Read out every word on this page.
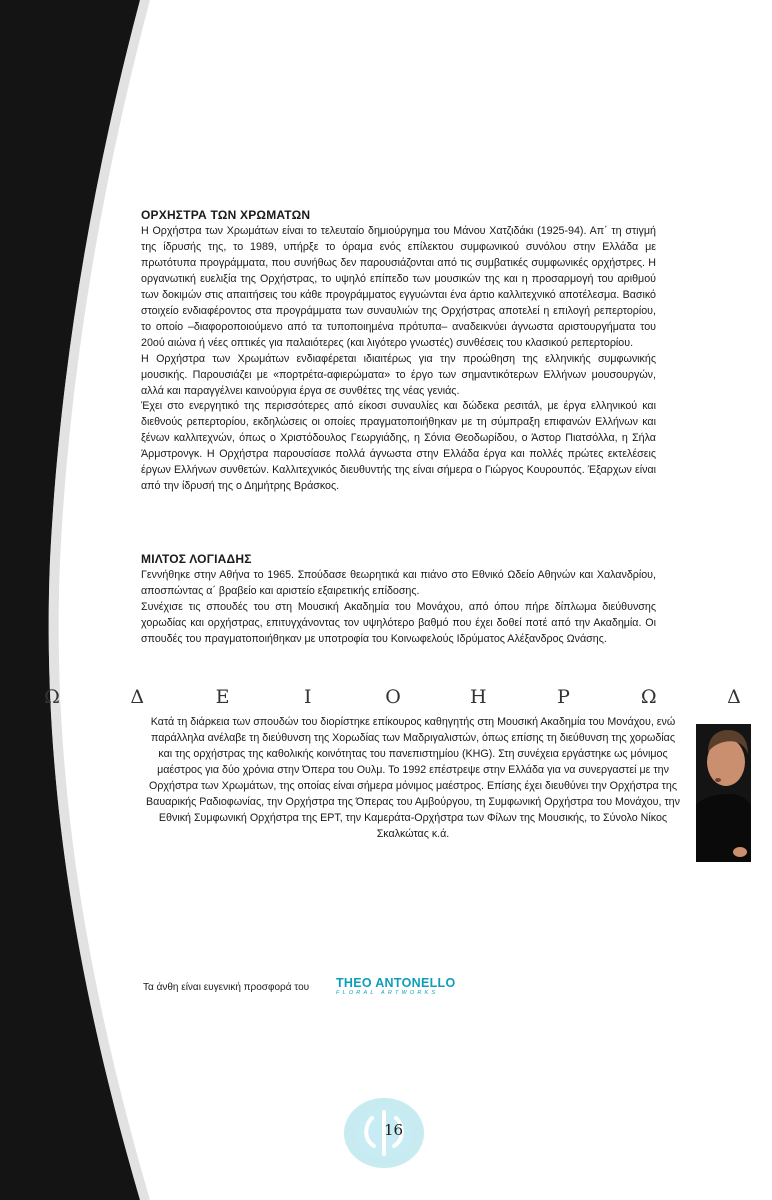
ΟΡΧΗΣΤΡΑ ΤΩΝ ΧΡΩΜΑΤΩΝ

Η Ορχήστρα των Χρωμάτων είναι το τελευταίο δημιούργημα του Μάνου Χατζιδάκι (1925-94). Απ΄ τη στιγμή της ίδρυσής της, το 1989, υπήρξε το όραμα ενός επίλεκτου συμφωνικού συνόλου στην Ελλάδα με πρωτότυπα προγράμματα, που συνήθως δεν παρουσιάζονται από τις συμβατικές συμφωνικές ορχήστρες. Η οργανωτική ευελιξία της Ορχήστρας, το υψηλό επίπεδο των μουσικών της και η προσαρμογή του αριθμού των δοκιμών στις απαιτήσεις του κάθε προγράμματος εγγυώνται ένα άρτιο καλλιτεχνικό αποτέλεσμα. Βασικό στοιχείο ενδιαφέροντος στα προγράμματα των συναυλιών της Ορχήστρας αποτελεί η επιλογή ρεπερτορίου, το οποίο –διαφοροποιούμενο από τα τυποποιημένα πρότυπα– αναδεικνύει άγνωστα αριστουργήματα του 20ού αιώνα ή νέες οπτικές για παλαιότερες (και λιγότερο γνωστές) συνθέσεις του κλασικού ρεπερτορίου.

Η Ορχήστρα των Χρωμάτων ενδιαφέρεται ιδιαιτέρως για την προώθηση της ελληνικής συμφωνικής μουσικής. Παρουσιάζει με «πορτρέτα-αφιερώματα» το έργο των σημαντικότερων Ελλήνων μουσουργών, αλλά και παραγγέλνει καινούργια έργα σε συνθέτες της νέας γενιάς.

Έχει στο ενεργητικό της περισσότερες από είκοσι συναυλίες και δώδεκα ρεσιτάλ, με έργα ελληνικού και διεθνούς ρεπερτορίου, εκδηλώσεις οι οποίες πραγματοποιήθηκαν με τη σύμπραξη επιφανών Ελλήνων και ξένων καλλιτεχνών, όπως ο Χριστόδουλος Γεωργιάδης, η Σόνια Θεοδωρίδου, ο Άστορ Πιατσόλλα, η Σήλα Άρμστρονγκ. Η Ορχήστρα παρουσίασε πολλά άγνωστα στην Ελλάδα έργα και πολλές πρώτες εκτελέσεις έργων Ελλήνων συνθετών. Καλλιτεχνικός διευθυντής της είναι σήμερα ο Γιώργος Κουρουπός. Έξαρχων είναι από την ίδρυσή της ο Δημήτρης Βράσκος.

ΜΙΛΤΟΣ ΛΟΓΙΑΔΗΣ

Γεννήθηκε στην Αθήνα το 1965. Σπούδασε θεωρητικά και πιάνο στο Εθνικό Ωδείο Αθηνών και Χαλανδρίου, αποσπώντας α΄ βραβείο και αριστείο εξαιρετικής επίδοσης.

Συνέχισε τις σπουδές του στη Μουσική Ακαδημία του Μονάχου, από όπου πήρε δίπλωμα διεύθυνσης χορωδίας και ορχήστρας, επιτυγχάνοντας τον υψηλότερο βαθμό που έχει δοθεί ποτέ από την Ακαδημία. Οι σπουδές του πραγματοποιήθηκαν με υποτροφία του Κοινωφελούς Ιδρύματος Αλέξανδρος Ωνάσης.

Ω	Δ	Ε	Ι	Ο	Η	Ρ	Ω	Δ

Κατά τη διάρκεια των σπουδών του διορίστηκε επίκουρος καθηγητής στη Μουσική Ακαδημία του Μονάχου, ενώ παράλληλα ανέλαβε τη διεύθυνση της Χορωδίας των Μαδριγαλιστών, όπως επίσης τη διεύθυνση της χορωδίας και της ορχήστρας της καθολικής κοινότητας του πανεπιστημίου (KHG). Στη συνέχεια εργάστηκε ως μόνιμος μαέστρος για δύο χρόνια στην Όπερα του Ουλμ. Το 1992 επέστρεψε στην Ελλάδα για να συνεργαστεί με την Ορχήστρα των Χρωμάτων, της οποίας είναι σήμερα μόνιμος μαέστρος. Επίσης έχει διευθύνει την Ορχήστρα της Βαυαρικής Ραδιοφωνίας, την Ορχήστρα της Όπερας του Αμβούργου, τη Συμφωνική Ορχήστρα του Μονάχου, την Εθνική Συμφωνική Ορχήστρα της ΕΡΤ, την Καμεράτα-Ορχήστρα των Φίλων της Μουσικής, το Σύνολο Νίκος Σκαλκώτας κ.ά.

Τα άνθη είναι ευγενική προσφορά του THEO ANTONELLO
FLORAL ARTWORKS
16
